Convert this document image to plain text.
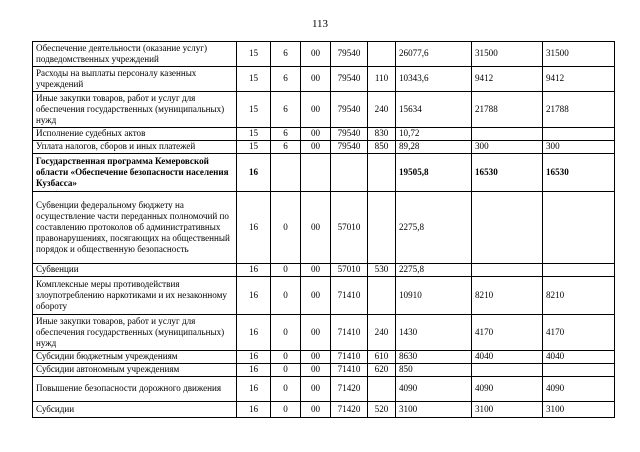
113
Обеспечение деятельности (оказание услуг) подведомственных учреждений	15	6	00	79540		26077,6	31500	31500
Расходы на выплаты персоналу казенных учреждений	15	6	00	79540	110	10343,6	9412	9412
Иные закупки товаров, работ и услуг для обеспечения государственных (муниципальных) нужд	15	6	00	79540	240	15634	21788	21788
Исполнение судебных актов	15	6	00	79540	830	10,72		
Уплата налогов, сборов и иных платежей	15	6	00	79540	850	89,28	300	300
Государственная программа Кемеровской области «Обеспечение безопасности населения Кузбасса»	16					19505,8	16530	16530
Субвенции федеральному бюджету на осуществление части переданных полномочий по составлению протоколов об административных правонарушениях, посягающих на общественный порядок и общественную безопасность	16	0	00	57010		2275,8		
Субвенции	16	0	00	57010	530	2275,8		
Комплексные меры противодействия злоупотреблению наркотиками и их незаконному обороту	16	0	00	71410		10910	8210	8210
Иные закупки товаров, работ и услуг для обеспечения государственных (муниципальных) нужд	16	0	00	71410	240	1430	4170	4170
Субсидии бюджетным учреждениям	16	0	00	71410	610	8630	4040	4040
Субсидии автономным учреждениям	16	0	00	71410	620	850		
Повышение безопасности дорожного движения	16	0	00	71420		4090	4090	4090
Субсидии	16	0	00	71420	520	3100	3100	3100
